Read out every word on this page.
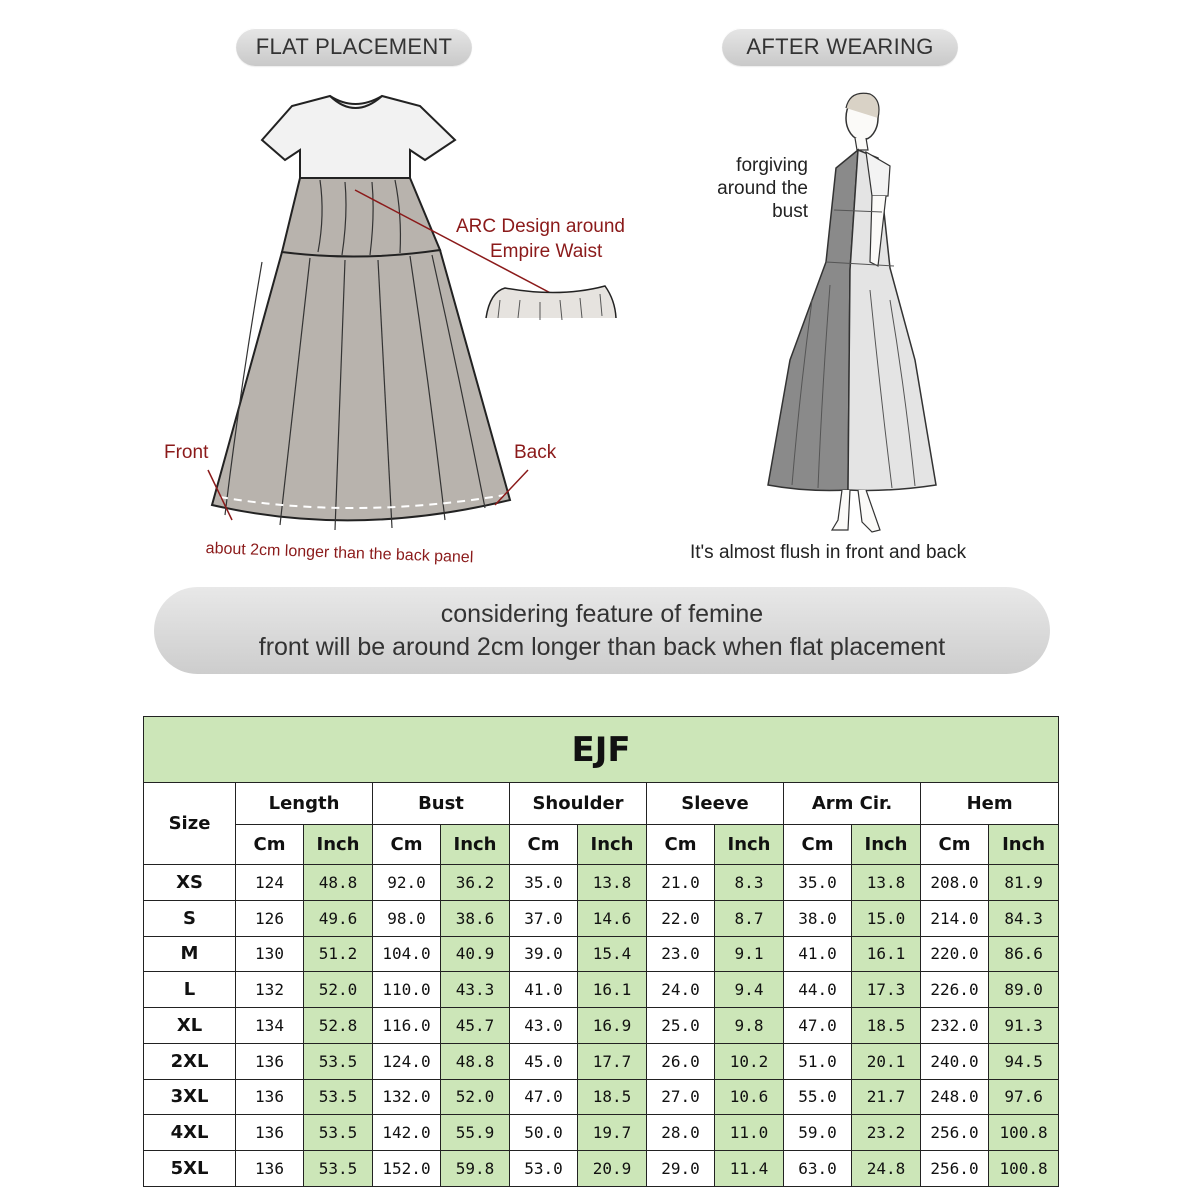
FLAT PLACEMENT	AFTER WEARING
ARC Design around
Empire Waist
Front	Back
about 2cm longer than the back panel
forgiving
around the
bust
It's almost flush in front and back
considering feature of femine
front will be around 2cm longer than back when flat placement
EJF												
Size	Length		Bust		Shoulder		Sleeve		Arm Cir.		Hem	
	Cm	Inch	Cm	Inch	Cm	Inch	Cm	Inch	Cm	Inch	Cm	Inch
XS	124	48.8	92.0	36.2	35.0	13.8	21.0	8.3	35.0	13.8	208.0	81.9
S	126	49.6	98.0	38.6	37.0	14.6	22.0	8.7	38.0	15.0	214.0	84.3
M	130	51.2	104.0	40.9	39.0	15.4	23.0	9.1	41.0	16.1	220.0	86.6
L	132	52.0	110.0	43.3	41.0	16.1	24.0	9.4	44.0	17.3	226.0	89.0
XL	134	52.8	116.0	45.7	43.0	16.9	25.0	9.8	47.0	18.5	232.0	91.3
2XL	136	53.5	124.0	48.8	45.0	17.7	26.0	10.2	51.0	20.1	240.0	94.5
3XL	136	53.5	132.0	52.0	47.0	18.5	27.0	10.6	55.0	21.7	248.0	97.6
4XL	136	53.5	142.0	55.9	50.0	19.7	28.0	11.0	59.0	23.2	256.0	100.8
5XL	136	53.5	152.0	59.8	53.0	20.9	29.0	11.4	63.0	24.8	256.0	100.8
